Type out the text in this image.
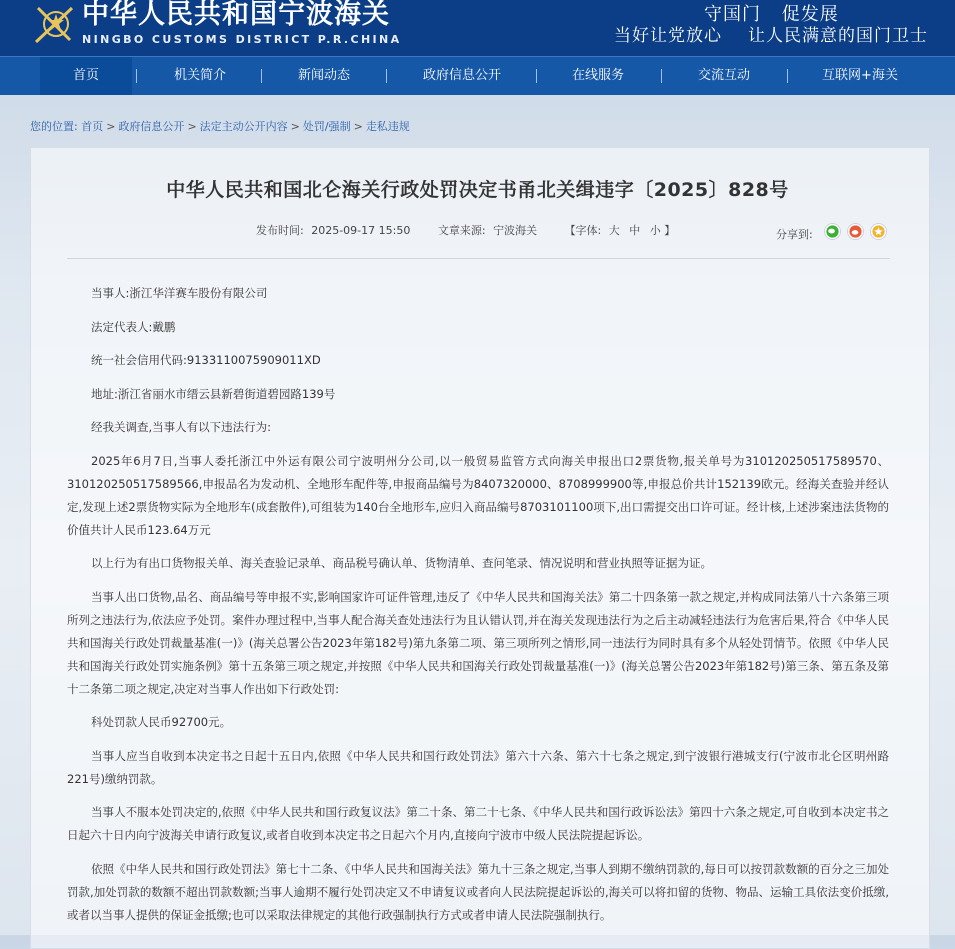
中华人民共和国宁波海关
NINGBO CUSTOMS DISTRICT P.R.CHINA
守国门 促发展
当好让党放心 让人民满意的国门卫士
首页	机关简介	新闻动态	政府信息公开	在线服务	交流互动	互联网+海关
您的位置: 首页 > 政府信息公开 > 法定主动公开内容 > 处罚/强制 > 走私违规
中华人民共和国北仑海关行政处罚决定书甬北关缉违字〔2025〕828号
发布时间: 2025-09-17 15:50	文章来源: 宁波海关	【字体: 大 中 小 】	分享到:

当事人:浙江华洋赛车股份有限公司

法定代表人:戴鹏

统一社会信用代码:9133110075909011XD

地址:浙江省丽水市缙云县新碧街道碧园路139号

经我关调查,当事人有以下违法行为:

2025年6月7日,当事人委托浙江中外运有限公司宁波明州分公司,以一般贸易监管方式向海关申报出口2票货物,报关单号为310120250517589570、310120250517589566,申报品名为发动机、全地形车配件等,申报商品编号为8407320000、8708999900等,申报总价共计152139欧元。经海关查验并经认定,发现上述2票货物实际为全地形车(成套散件),可组装为140台全地形车,应归入商品编号8703101100项下,出口需提交出口许可证。经计核,上述涉案违法货物的价值共计人民币123.64万元

以上行为有出口货物报关单、海关查验记录单、商品税号确认单、货物清单、查问笔录、情况说明和营业执照等证据为证。

当事人出口货物,品名、商品编号等申报不实,影响国家许可证件管理,违反了《中华人民共和国海关法》第二十四条第一款之规定,并构成同法第八十六条第三项所列之违法行为,依法应予处罚。案件办理过程中,当事人配合海关查处违法行为且认错认罚,并在海关发现违法行为之后主动减轻违法行为危害后果,符合《中华人民共和国海关行政处罚裁量基准(一)》(海关总署公告2023年第182号)第九条第二项、第三项所列之情形,同一违法行为同时具有多个从轻处罚情节。依照《中华人民共和国海关行政处罚实施条例》第十五条第三项之规定,并按照《中华人民共和国海关行政处罚裁量基准(一)》(海关总署公告2023年第182号)第三条、第五条及第十二条第二项之规定,决定对当事人作出如下行政处罚:

科处罚款人民币92700元。

当事人应当自收到本决定书之日起十五日内,依照《中华人民共和国行政处罚法》第六十六条、第六十七条之规定,到宁波银行港城支行(宁波市北仑区明州路221号)缴纳罚款。

当事人不服本处罚决定的,依照《中华人民共和国行政复议法》第二十条、第二十七条、《中华人民共和国行政诉讼法》第四十六条之规定,可自收到本决定书之日起六十日内向宁波海关申请行政复议,或者自收到本决定书之日起六个月内,直接向宁波市中级人民法院提起诉讼。

依照《中华人民共和国行政处罚法》第七十二条、《中华人民共和国海关法》第九十三条之规定,当事人到期不缴纳罚款的,每日可以按罚款数额的百分之三加处罚款,加处罚款的数额不超出罚款数额;当事人逾期不履行处罚决定又不申请复议或者向人民法院提起诉讼的,海关可以将扣留的货物、物品、运输工具依法变价抵缴,或者以当事人提供的保证金抵缴;也可以采取法律规定的其他行政强制执行方式或者申请人民法院强制执行。
